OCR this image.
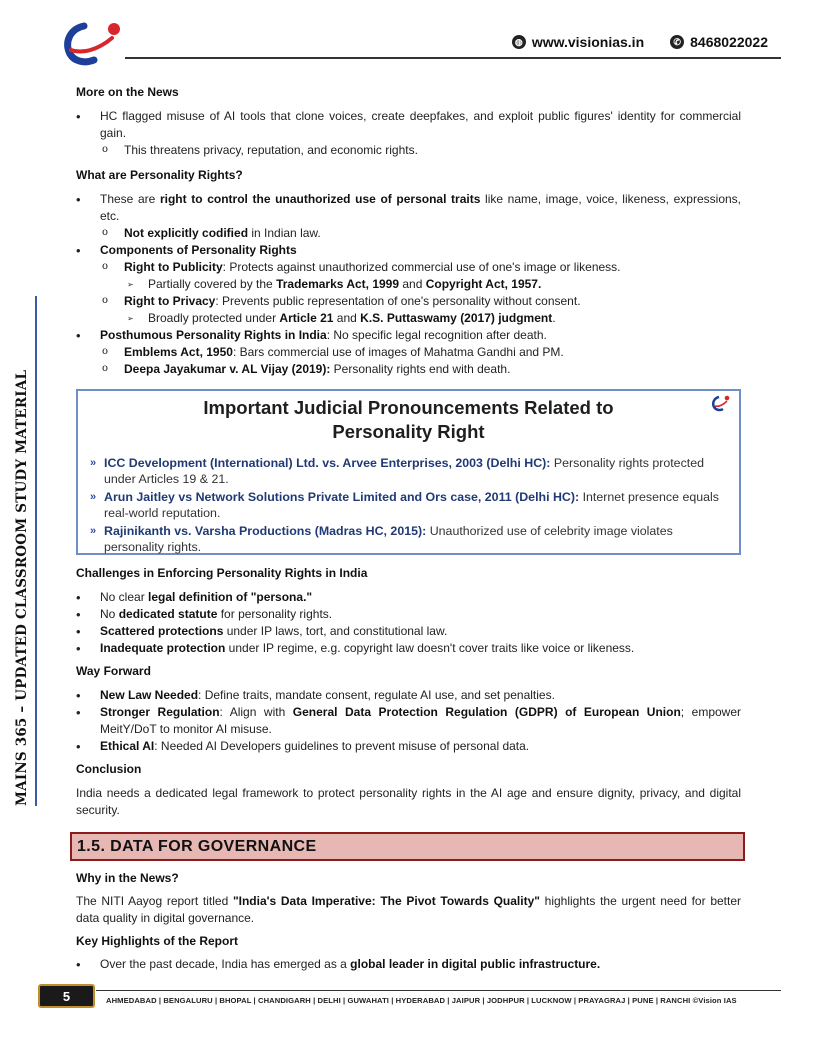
◍ www.visionias.in	✆ 8468022022
MAINS 365 – UPDATED CLASSROOM STUDY MATERIAL

More on the News

• HC flagged misuse of AI tools that clone voices, create deepfakes, and exploit public figures' identity for commercial gain.
o This threatens privacy, reputation, and economic rights.

What are Personality Rights?

• These are right to control the unauthorized use of personal traits like name, image, voice, likeness, expressions, etc.
o Not explicitly codified in Indian law.
• Components of Personality Rights
o Right to Publicity: Protects against unauthorized commercial use of one's image or likeness.
➢ Partially covered by the Trademarks Act, 1999 and Copyright Act, 1957.
o Right to Privacy: Prevents public representation of one's personality without consent.
➢ Broadly protected under Article 21 and K.S. Puttaswamy (2017) judgment.
• Posthumous Personality Rights in India: No specific legal recognition after death.
o Emblems Act, 1950: Bars commercial use of images of Mahatma Gandhi and PM.
o Deepa Jayakumar v. AL Vijay (2019): Personality rights end with death.
Important Judicial Pronouncements Related to
Personality Right
» ICC Development (International) Ltd. vs. Arvee Enterprises, 2003 (Delhi HC): Personality rights protected under Articles 19 & 21.
» Arun Jaitley vs Network Solutions Private Limited and Ors case, 2011 (Delhi HC): Internet presence equals real-world reputation.
» Rajinikanth vs. Varsha Productions (Madras HC, 2015): Unauthorized use of celebrity image violates personality rights.

Challenges in Enforcing Personality Rights in India

• No clear legal definition of "persona."
• No dedicated statute for personality rights.
• Scattered protections under IP laws, tort, and constitutional law.
• Inadequate protection under IP regime, e.g. copyright law doesn't cover traits like voice or likeness.

Way Forward

• New Law Needed: Define traits, mandate consent, regulate AI use, and set penalties.
• Stronger Regulation: Align with General Data Protection Regulation (GDPR) of European Union; empower MeitY/DoT to monitor AI misuse.
• Ethical AI: Needed AI Developers guidelines to prevent misuse of personal data.

Conclusion

India needs a dedicated legal framework to protect personality rights in the AI age and ensure dignity, privacy, and digital security.

1.5. DATA FOR GOVERNANCE

Why in the News?

The NITI Aayog report titled "India's Data Imperative: The Pivot Towards Quality" highlights the urgent need for better data quality in digital governance.

Key Highlights of the Report

• Over the past decade, India has emerged as a global leader in digital public infrastructure.
5	AHMEDABAD | BENGALURU | BHOPAL | CHANDIGARH | DELHI | GUWAHATI | HYDERABAD | JAIPUR | JODHPUR | LUCKNOW | PRAYAGRAJ | PUNE | RANCHI ©Vision IAS
